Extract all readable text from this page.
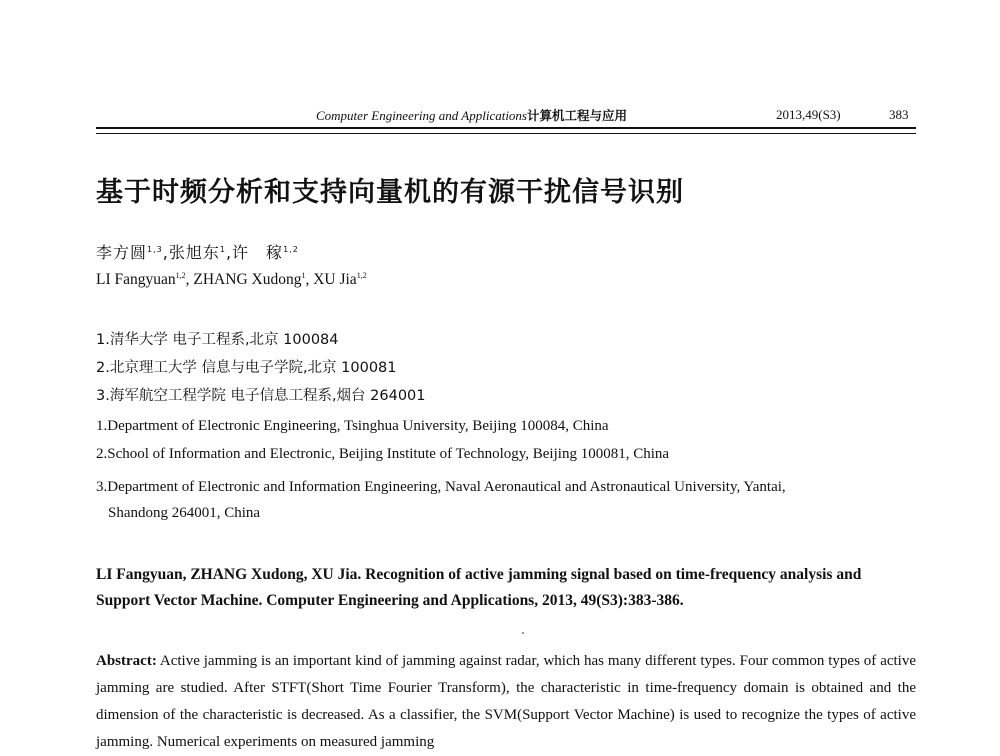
Computer Engineering and Applications计算机工程与应用	2013,49(S3)	383
基于时频分析和支持向量机的有源干扰信号识别
李方圆$^{1,3}$,张旭东$^1$,许　稼$^{1,2}$
LI Fangyuan$^{1,2}$, ZHANG Xudong$^1$, XU Jia$^{1,2}$
1.清华大学 电子工程系,北京 100084
2.北京理工大学 信息与电子学院,北京 100081
3.海军航空工程学院 电子信息工程系,烟台 264001
1.Department of Electronic Engineering, Tsinghua University, Beijing 100084, China
2.School of Information and Electronic, Beijing Institute of Technology, Beijing 100081, China
3.Department of Electronic and Information Engineering, Naval Aeronautical and Astronautical University, Yantai,
Shandong 264001, China
LI Fangyuan, ZHANG Xudong, XU Jia. Recognition of active jamming signal based on time-frequency analysis and Support Vector Machine. Computer Engineering and Applications, 2013, 49(S3):383-386.
Abstract: Active jamming is an important kind of jamming against radar, which has many different types. Four common types of active jamming are studied. After STFT(Short Time Fourier Transform), the characteristic in time-frequency domain is obtained and the dimension of the characteristic is decreased. As a classifier, the SVM(Support Vector Machine) is used to recognize the types of active jamming. Numerical experiments on measured jamming
